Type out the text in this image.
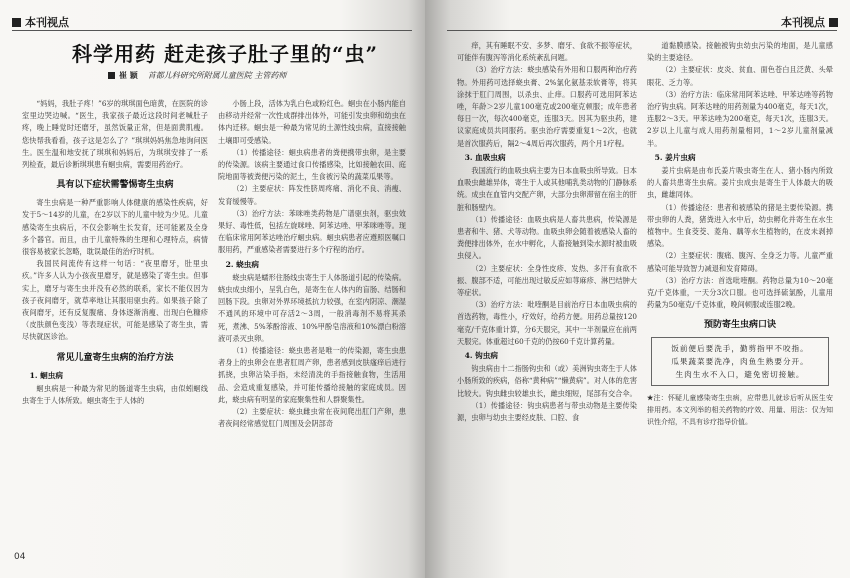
本刊视点
科学用药 赶走孩子肚子里的“虫”
崔 颖 首都儿科研究所附属儿童医院 主管药师

“妈妈，我肚子疼！”6岁的琪琪面色暗黄，在医院的诊室里边哭边喊。“医生，我家孩子最近这段时间老喊肚子疼，晚上睡觉时还磨牙，虽然饭量正常，但是面黄肌瘦。您快帮我看看，孩子这是怎么了？”琪琪妈妈焦急地询问医生。医生温和地安抚了琪琪和妈妈后，为琪琪安排了一系列检查，最后诊断琪琪患有蛔虫病，需要用药治疗。

具有以下症状需警惕寄生虫病

寄生虫病是一种严重影响人体健康的感染性疾病，好发于5～14岁的儿童，在2岁以下的儿童中较为少见。儿童感染寄生虫病后，不仅会影响生长发育，还可能累及全身多个器官。而且，由于儿童特殊的生理和心理特点，病情很容易被家长忽略，耽误最佳的治疗时机。

我国民间流传有这样一句话：“夜里磨牙，肚里虫疚。”许多人认为小孩夜里磨牙，就是感染了寄生虫。但事实上，磨牙与寄生虫并没有必然的联系，家长不能仅因为孩子夜间磨牙，就草率地让其服用驱虫药。如果孩子除了夜间磨牙，还有反复腹痛、身体逐渐消瘦、出现白色糠疹（皮肤颜色变浅）等表现症状，可能是感染了寄生虫，需尽快就医诊治。

常见儿童寄生虫病的治疗方法
1. 蛔虫病

蛔虫病是一种最为常见的肠道寄生虫病，由似蚓蛔线虫寄生于人体所致。蛔虫寄生于人体的

小肠上段，活体为乳白色或粉红色。蛔虫在小肠内能自由移动并经常一次性成群排出体外，可能引发虫卵和幼虫在体内迁移。蛔虫是一种最为常见的土源性线虫病，直接接触土壤即可受感染。

（1）传播途径：蛔虫病患者的粪便携带虫卵，是主要的传染源。该病主要通过食口传播感染，比如接触农田、庭院地面等被粪便污染的泥土，生食被污染的蔬菜瓜果等。

（2）主要症状：阵发性脐周疼痛、消化不良、消瘦、发育缓慢等。

（3）治疗方法：苯咪唑类药物是广谱驱虫剂，驱虫效果好、毒性低，包括左旋咪唑、阿苯达唑、甲苯咪唑等。现在临床常用阿苯达唑治疗蛔虫病。蛔虫病患者应遵照医嘱口服用药，严重感染者需要进行多个疗程的治疗。

2. 蛲虫病

蛲虫病是蠕形住肠线虫寄生于人体肠道引起的传染病。蛲虫成虫细小，呈乳白色，是寄生在人体内的盲肠、结肠和回肠下段。虫卵对外界环境抵抗力较强，在室内阴凉、潮湿不通风的环境中可存活2～3周，一般消毒剂不易将其杀死，煮沸、5%苯酚溶液、10%甲酚皂溶液和10%漂白粉溶液可杀灭虫卵。

（1）传播途径：蛲虫患者是唯一的传染源，寄生虫患者身上的虫卵会在患者肛周产卵，患者感到皮肤瘙痒后进行抓挠，虫卵沾染手指，未经清洗的手指接触食物，生活用品、会造成重复感染，并可能传播给接触的家庭成员。因此，蛲虫病有明显的家庭聚集性和人群聚集性。

（2）主要症状：蛲虫雌虫常在夜间爬出肛门产卵，患者夜间经常感觉肛门周围及会阴部奇

04
本刊视点

痒，其有睡眠不安、多梦、磨牙、食欲不振等症状，可能伴有腹泻等消化系统紊乱问题。

（3）治疗方法：蛲虫感染有外用和口服两种治疗药物。外用药可选择蛲虫膏、2%氯化氨基汞软膏等，将其涂抹于肛门周围，以杀虫、止痒。口服药可选用阿苯达唑，年龄＞2岁儿童100毫克或200毫克顿服；成年患者每日一次，每次400毫克，连服3天。因其为驱虫药，建议家庭成员共同服药。驱虫治疗需要重复1～2次，也就是首次服药后，隔2～4周后再次服药，两个月1疗程。

3. 血吸虫病

我国流行的血吸虫病主要为日本血吸虫所导致。日本血吸虫雌雄异体，寄生于人或其他哺乳类动物的门静脉系统。成虫在血管内交配产卵，大部分虫卵滞留在宿主的肝脏和肠壁内。

（1）传播途径：血吸虫病是人畜共患病，传染源是患者和牛、猪、犬等动物。血吸虫卵会随着被感染人畜的粪便排出体外，在水中孵化，人畜接触到染水源时被血吸虫侵入。

（2）主要症状：全身性皮疹、发热、多汗有食欲不振、腹部不适，可能出现过敏反应如荨麻疹、淋巴结肿大等症状。

（3）治疗方法：吡喹酮是目前治疗日本血吸虫病的首选药物，毒性小，疗效好，给药方便。用药总量按120毫克/千克体重计算，分6天服完，其中一半剂量应在前两天服完。体重超过60千克的仍按60千克计算药量。

4. 钩虫病

钩虫病由十二指肠钩虫和（或）美洲钩虫寄生于人体小肠所致的疾病，俗称“黄种病”“懒黄病”。对人体的危害比较大。钩虫雌虫较雄虫长，雌虫细短，尾部有交合伞。

（1）传播途径：钩虫病患者与带虫动物是主要传染源，虫卵与幼虫主要经皮肤、口腔、食

道黏膜感染。接触被钩虫幼虫污染的地面，是儿童感染的主要途径。

（2）主要症状：皮炎、贫血、面色苍白且泛黄、头晕眼花、乏力等。

（3）治疗方法：临床常用阿苯达唑、甲苯达唑等药物治疗钩虫病。阿苯达唑的用药剂量为400毫克，每天1次，连服2～3天。甲苯达唑为200毫克，每天1次，连服3天。2岁以上儿童与成人用药剂量相同，1～2岁儿童剂量减半。

5. 姜片虫病

姜片虫病是由布氏姜片吸虫寄生在人、猪小肠内所致的人畜共患寄生虫病。姜片虫成虫是寄生于人体最大的吸虫，雌雄同体。

（1）传播途径：患者和被感染的猪是主要传染源。携带虫卵的人粪，猪粪进入水中后，幼虫孵化并寄生在水生植物中。生食茭茭、菱角、藕等水生植物的，在皮未剥掉感染。

（2）主要症状：腹痛、腹泻、全身乏力等。儿童严重感染可能导致智力减退和发育障碍。

（3）治疗方法：首选吡喹酮。药物总量为10～20毫克/千克体重，一天分3次口服。也可选择硫氯酚，儿童用药量为50毫克/千克体重，晚间顿服或连服2晚。

预防寄生虫病口诀
饭前便后要洗手，勤剪指甲不咬指。
瓜果蔬菜要洗净，肉鱼生熟要分开。
生肉生水不入口，避免密切接触。
★注：怀疑儿童感染寄生虫病，应带患儿就诊后听从医生安排用药。本文列举的相关药物的疗效、用量、用法：仅为知识性介绍，不具有诊疗指导价值。
